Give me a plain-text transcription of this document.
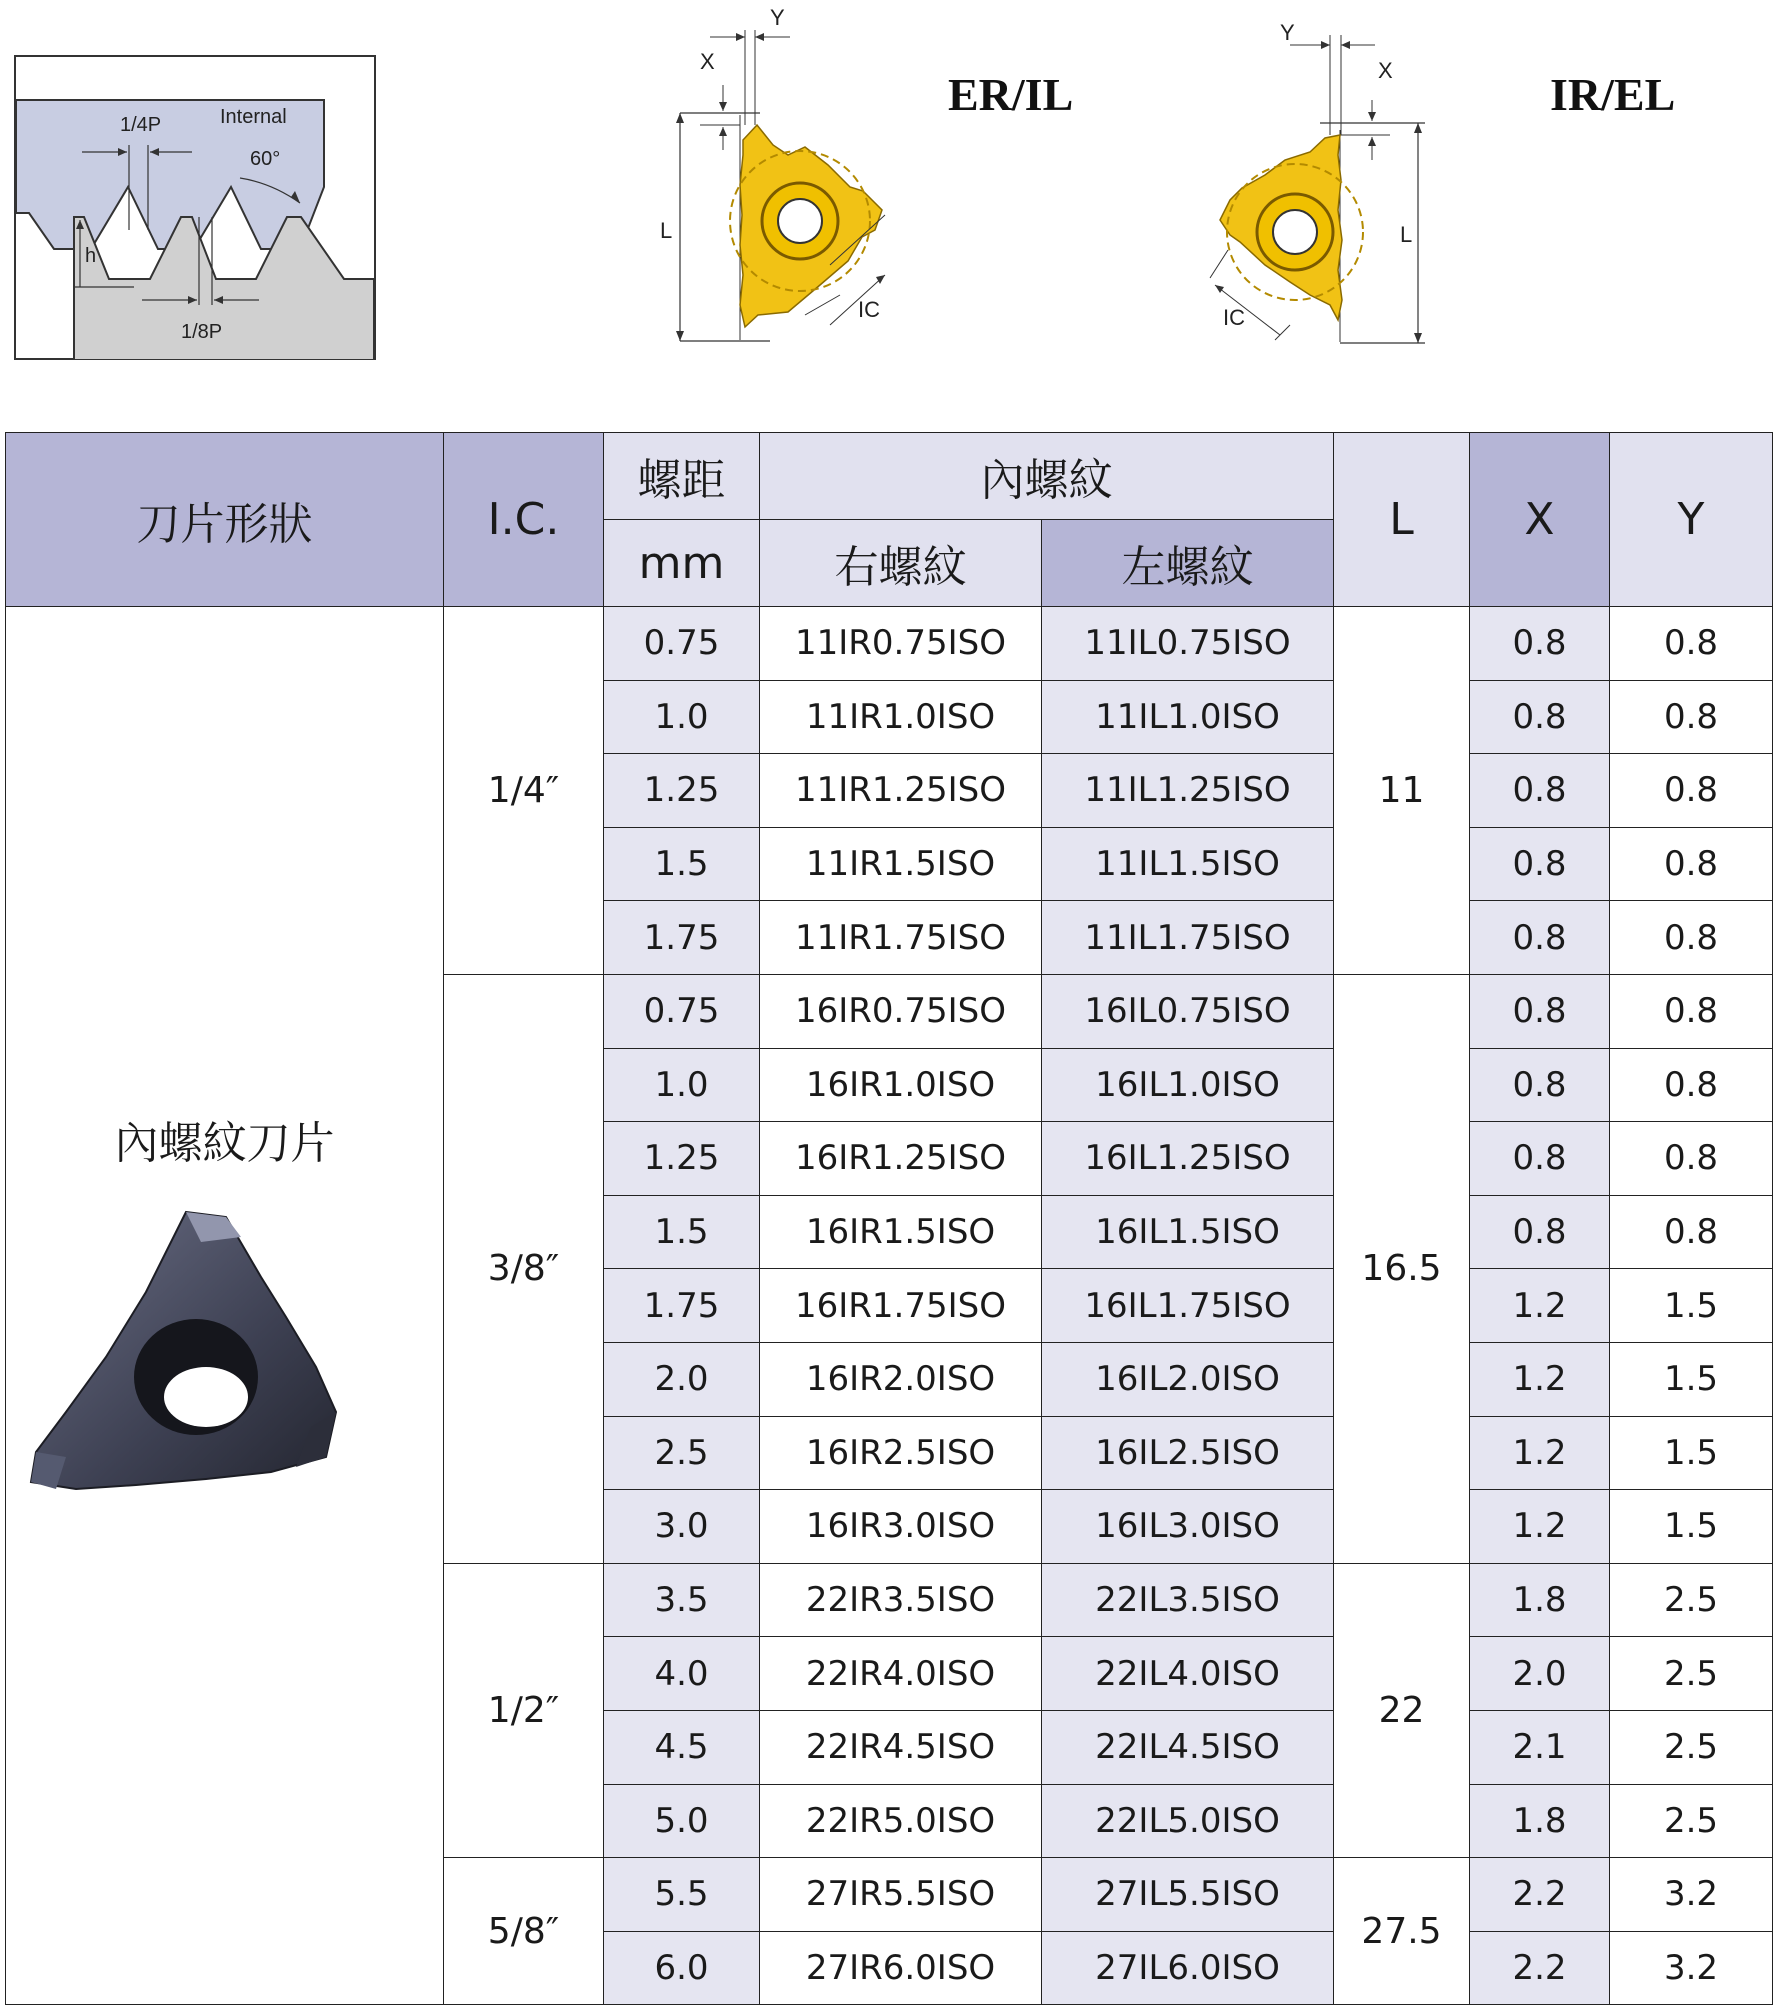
1/4P	Internal
60°
h
1/8P
Y
X
L
IC
ER/IL
Y
X
L
IC
IR/EL
刀片形狀	I.C.	螺距	內螺紋		L	X	Y
		mm	右螺紋	左螺紋			

內螺紋刀片	1/4″	0.75	11IR0.75ISO	11IL0.75ISO	11	0.8	0.8
		1.0	11IR1.0ISO	11IL1.0ISO		0.8	0.8
		1.25	11IR1.25ISO	11IL1.25ISO		0.8	0.8
		1.5	11IR1.5ISO	11IL1.5ISO		0.8	0.8
		1.75	11IR1.75ISO	11IL1.75ISO		0.8	0.8
	3/8″	0.75	16IR0.75ISO	16IL0.75ISO	16.5	0.8	0.8
		1.0	16IR1.0ISO	16IL1.0ISO		0.8	0.8
		1.25	16IR1.25ISO	16IL1.25ISO		0.8	0.8
		1.5	16IR1.5ISO	16IL1.5ISO		0.8	0.8
		1.75	16IR1.75ISO	16IL1.75ISO		1.2	1.5
		2.0	16IR2.0ISO	16IL2.0ISO		1.2	1.5
		2.5	16IR2.5ISO	16IL2.5ISO		1.2	1.5
		3.0	16IR3.0ISO	16IL3.0ISO		1.2	1.5
	1/2″	3.5	22IR3.5ISO	22IL3.5ISO	22	1.8	2.5
		4.0	22IR4.0ISO	22IL4.0ISO		2.0	2.5
		4.5	22IR4.5ISO	22IL4.5ISO		2.1	2.5
		5.0	22IR5.0ISO	22IL5.0ISO		1.8	2.5
	5/8″	5.5	27IR5.5ISO	27IL5.5ISO	27.5	2.2	3.2
		6.0	27IR6.0ISO	27IL6.0ISO		2.2	3.2
